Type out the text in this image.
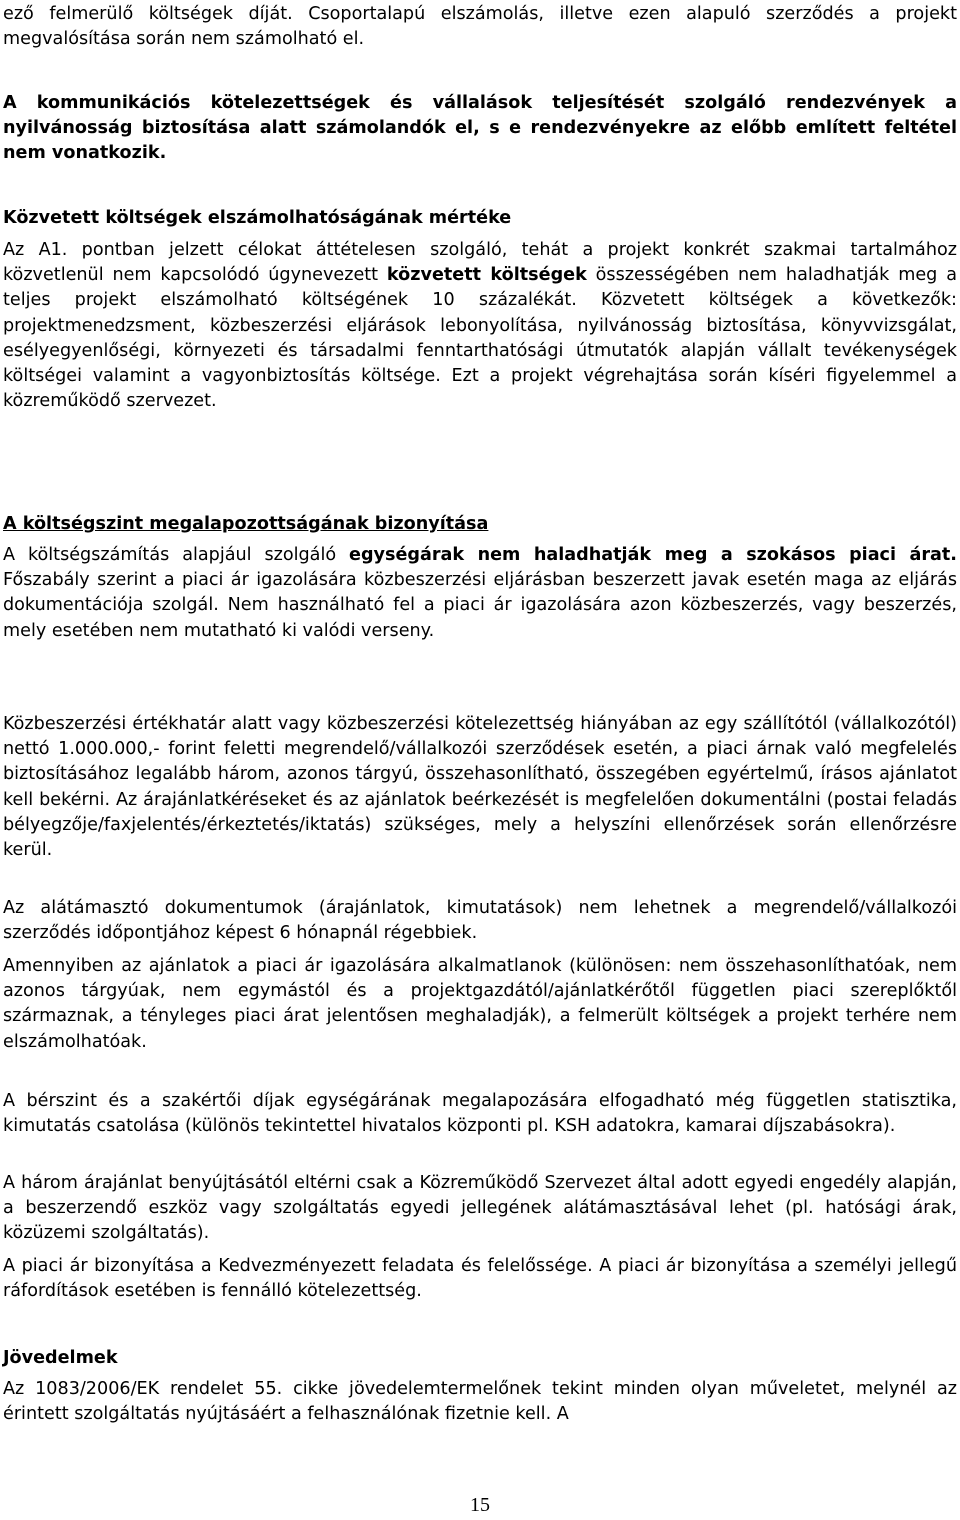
ező felmerülő költségek díját. Csoportalapú elszámolás, illetve ezen alapuló szerződés a projekt megvalósítása során nem számolható el.

A kommunikációs kötelezettségek és vállalások teljesítését szolgáló rendezvények a nyilvánosság biztosítása alatt számolandók el, s e rendezvényekre az előbb említett feltétel nem vonatkozik.

Közvetett költségek elszámolhatóságának mértéke

Az A1. pontban jelzett célokat áttételesen szolgáló, tehát a projekt konkrét szakmai tartalmához közvetlenül nem kapcsolódó úgynevezett közvetett költségek összességében nem haladhatják meg a teljes projekt elszámolható költségének 10 százalékát. Közvetett költségek a következők: projektmenedzsment, közbeszerzési eljárások lebonyolítása, nyilvánosság biztosítása, könyvvizsgálat, esélyegyenlőségi, környezeti és társadalmi fenntarthatósági útmutatók alapján vállalt tevékenységek költségei valamint a vagyonbiztosítás költsége. Ezt a projekt végrehajtása során kíséri figyelemmel a közreműködő szervezet.

A költségszint megalapozottságának bizonyítása

A költségszámítás alapjául szolgáló egységárak nem haladhatják meg a szokásos piaci árat. Főszabály szerint a piaci ár igazolására közbeszerzési eljárásban beszerzett javak esetén maga az eljárás dokumentációja szolgál. Nem használható fel a piaci ár igazolására azon közbeszerzés, vagy beszerzés, mely esetében nem mutatható ki valódi verseny.

Közbeszerzési értékhatár alatt vagy közbeszerzési kötelezettség hiányában az egy szállítótól (vállalkozótól) nettó 1.000.000,- forint feletti megrendelő/vállalkozói szerződések esetén, a piaci árnak való megfelelés biztosításához legalább három, azonos tárgyú, összehasonlítható, összegében egyértelmű, írásos ajánlatot kell bekérni. Az árajánlatkéréseket és az ajánlatok beérkezését is megfelelően dokumentálni (postai feladás bélyegzője/faxjelentés/érkeztetés/iktatás) szükséges, mely a helyszíni ellenőrzések során ellenőrzésre kerül.

Az alátámasztó dokumentumok (árajánlatok, kimutatások) nem lehetnek a megrendelő/vállalkozói szerződés időpontjához képest 6 hónapnál régebbiek.

Amennyiben az ajánlatok a piaci ár igazolására alkalmatlanok (különösen: nem összehasonlíthatóak, nem azonos tárgyúak, nem egymástól és a projektgazdától/ajánlatkérőtől független piaci szereplőktől származnak, a tényleges piaci árat jelentősen meghaladják), a felmerült költségek a projekt terhére nem elszámolhatóak.

A bérszint és a szakértői díjak egységárának megalapozására elfogadható még független statisztika, kimutatás csatolása (különös tekintettel hivatalos központi pl. KSH adatokra, kamarai díjszabásokra).

A három árajánlat benyújtásától eltérni csak a Közreműködő Szervezet által adott egyedi engedély alapján, a beszerzendő eszköz vagy szolgáltatás egyedi jellegének alátámasztásával lehet (pl. hatósági árak, közüzemi szolgáltatás).

A piaci ár bizonyítása a Kedvezményezett feladata és felelőssége. A piaci ár bizonyítása a személyi jellegű ráfordítások esetében is fennálló kötelezettség.

Jövedelmek

Az 1083/2006/EK rendelet 55. cikke jövedelemtermelőnek tekint minden olyan műveletet, melynél az érintett szolgáltatás nyújtásáért a felhasználónak fizetnie kell. A

15
